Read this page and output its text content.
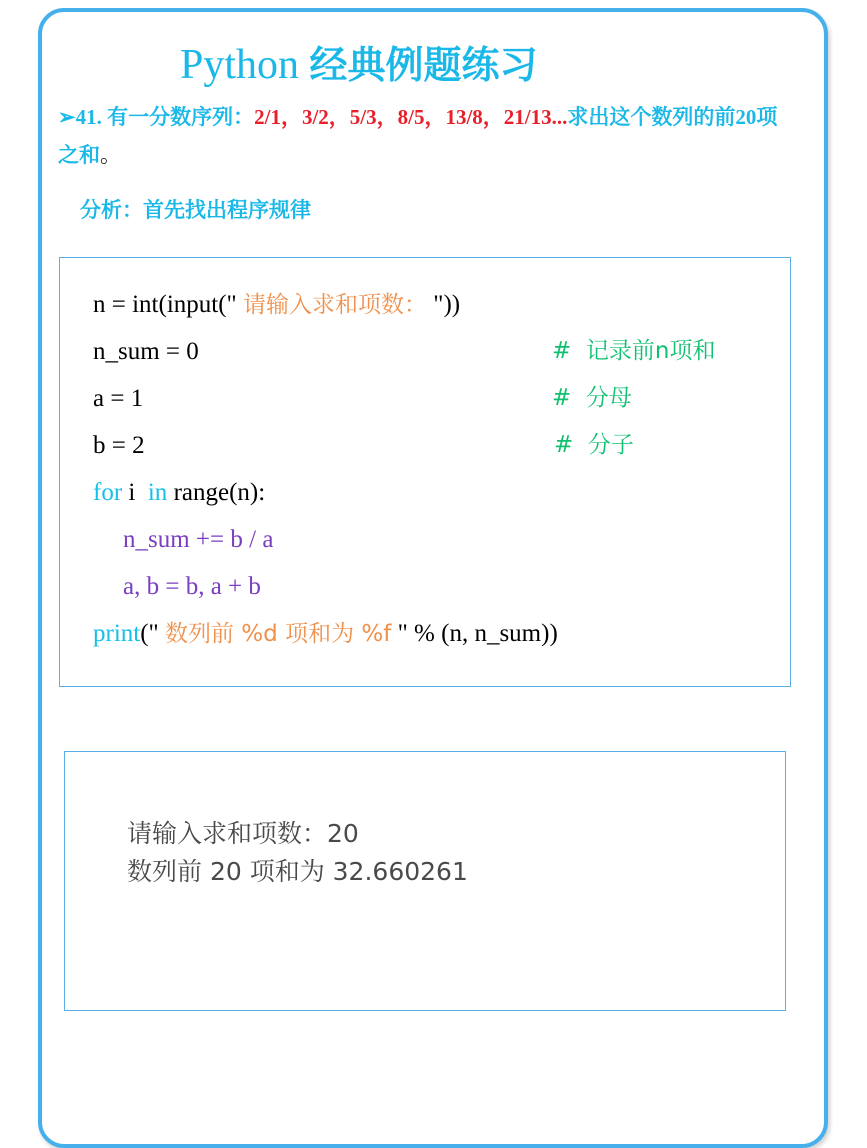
Python 经典例题练习
➢41. 有一分数序列：2/1，3/2，5/3，8/5，13/8，21/13...求出这个数列的前20项之和。
分析：首先找出程序规律
n = int(input(" 请输入求和项数： "))
n_sum = 0	#  记录前n项和
a = 1	#  分母
b = 2	#  分子
for i  in range(n):
n_sum += b / a
a, b = b, a + b
print(" 数列前 %d 项和为 %f " % (n, n_sum))
请输入求和项数：20
数列前 20 项和为 32.660261
